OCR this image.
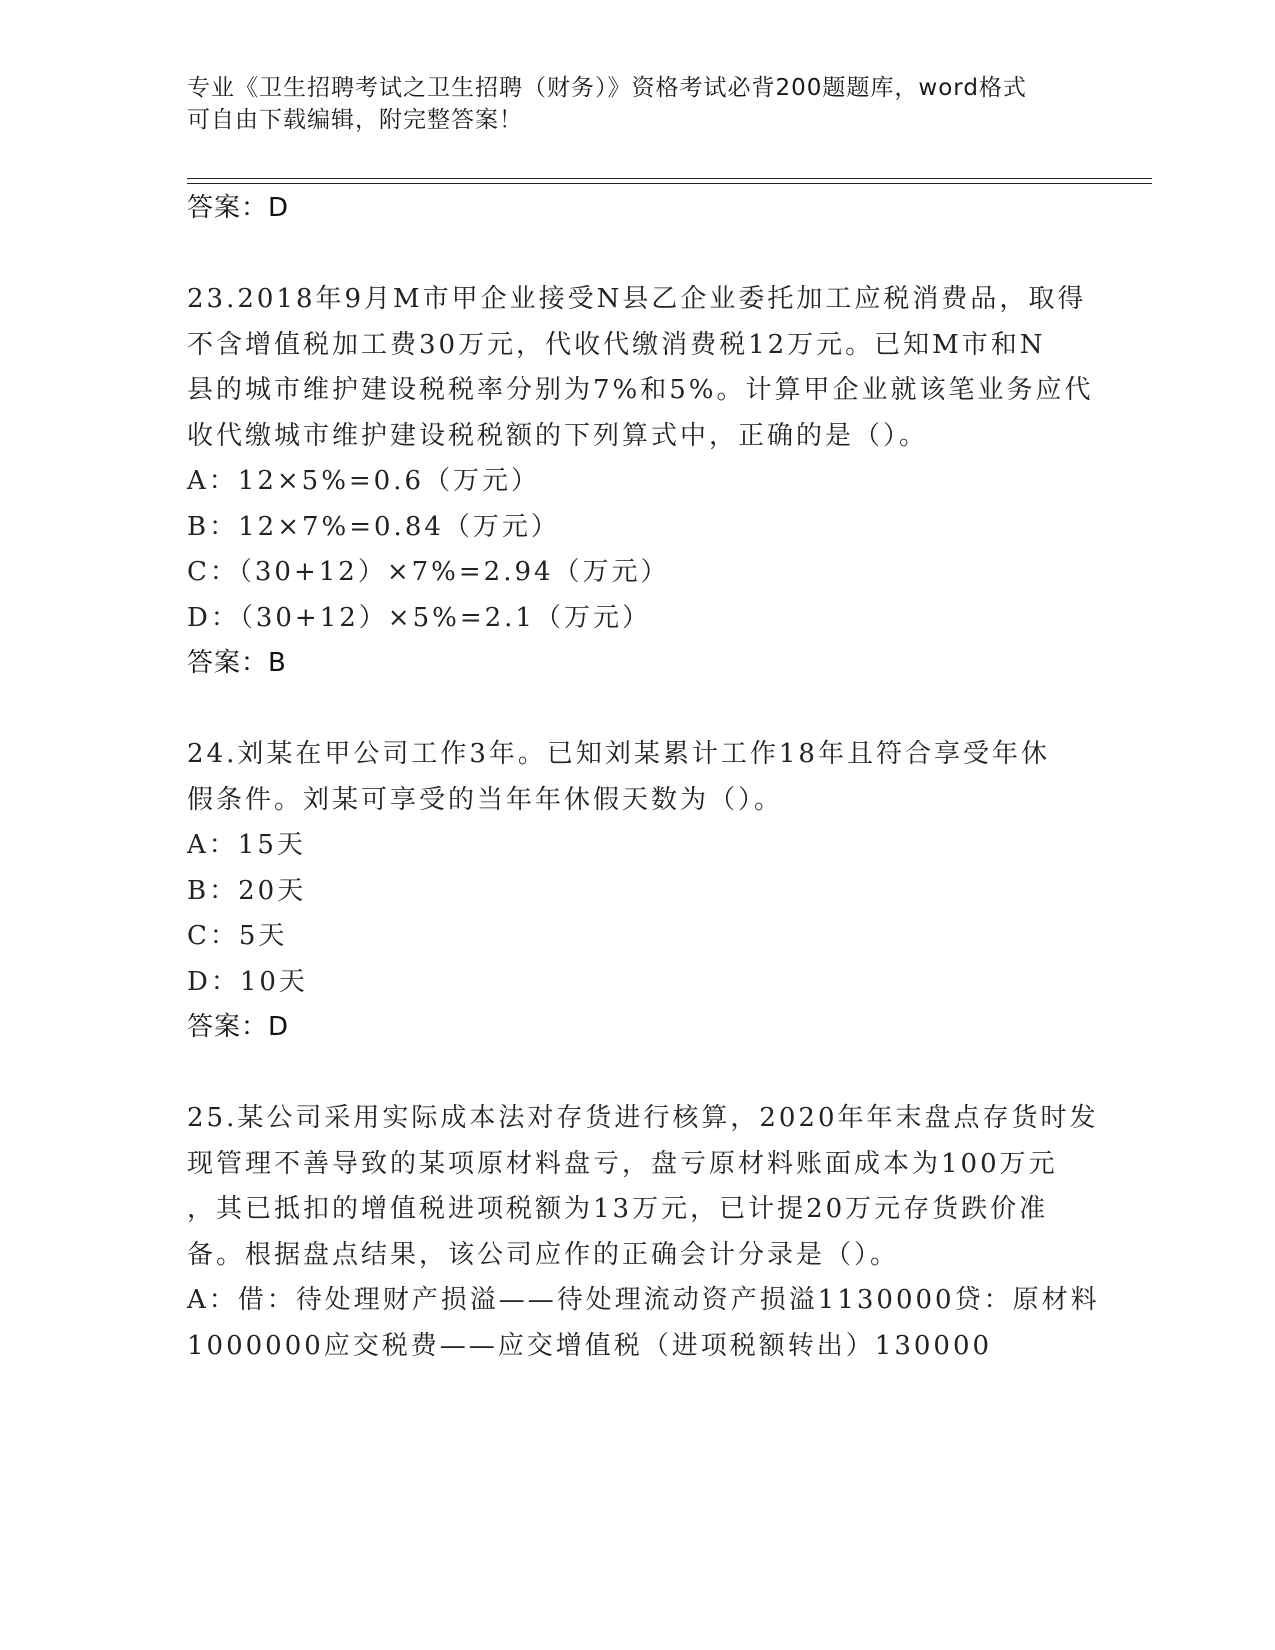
专业《卫生招聘考试之卫生招聘（财务）》资格考试必背200题题库，word格式
可自由下载编辑，附完整答案！
答案：D
23.2018年9月M市甲企业接受N县乙企业委托加工应税消费品，取得
不含增值税加工费30万元，代收代缴消费税12万元。已知M市和N
县的城市维护建设税税率分别为7%和5%。计算甲企业就该笔业务应代
收代缴城市维护建设税税额的下列算式中，正确的是（）。
A：12×5%=0.6（万元）
B：12×7%=0.84（万元）
C：（30+12）×7%=2.94（万元）
D：（30+12）×5%=2.1（万元）
答案：B
24.刘某在甲公司工作3年。已知刘某累计工作18年且符合享受年休
假条件。刘某可享受的当年年休假天数为（）。
A：15天
B：20天
C：5天
D：10天
答案：D
25.某公司采用实际成本法对存货进行核算，2020年年末盘点存货时发
现管理不善导致的某项原材料盘亏，盘亏原材料账面成本为100万元
，其已抵扣的增值税进项税额为13万元，已计提20万元存货跌价准
备。根据盘点结果，该公司应作的正确会计分录是（）。
A：借：待处理财产损溢——待处理流动资产损溢1130000贷：原材料
1000000应交税费——应交增值税（进项税额转出）130000
